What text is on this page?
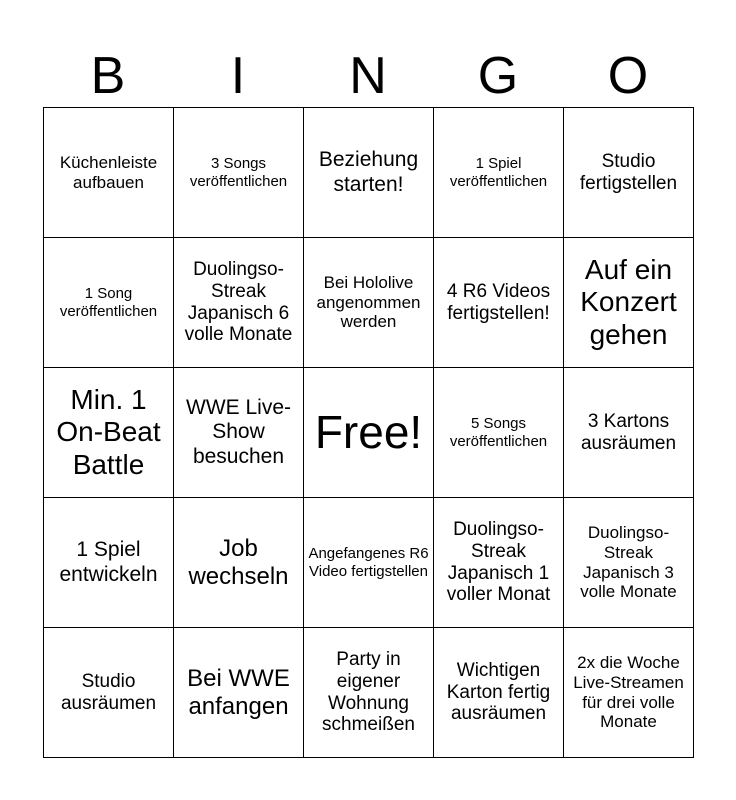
B	I	N	G	O
Küchenleiste aufbauen	3 Songs veröffentlichen	Beziehung starten!	1 Spiel veröffentlichen	Studio fertigstellen
1 Song veröffentlichen	Duolingso-Streak Japanisch 6 volle Monate	Bei Hololive angenommen werden	4 R6 Videos fertigstellen!	Auf ein Konzert gehen
Min. 1 On-Beat Battle	WWE Live-Show besuchen	Free!	5 Songs veröffentlichen	3 Kartons ausräumen
1 Spiel entwickeln	Job wechseln	Angefangenes R6 Video fertigstellen	Duolingso-Streak Japanisch 1 voller Monat	Duolingso-Streak Japanisch 3 volle Monate
Studio ausräumen	Bei WWE anfangen	Party in eigener Wohnung schmeißen	Wichtigen Karton fertig ausräumen	2x die Woche Live-Streamen für drei volle Monate
